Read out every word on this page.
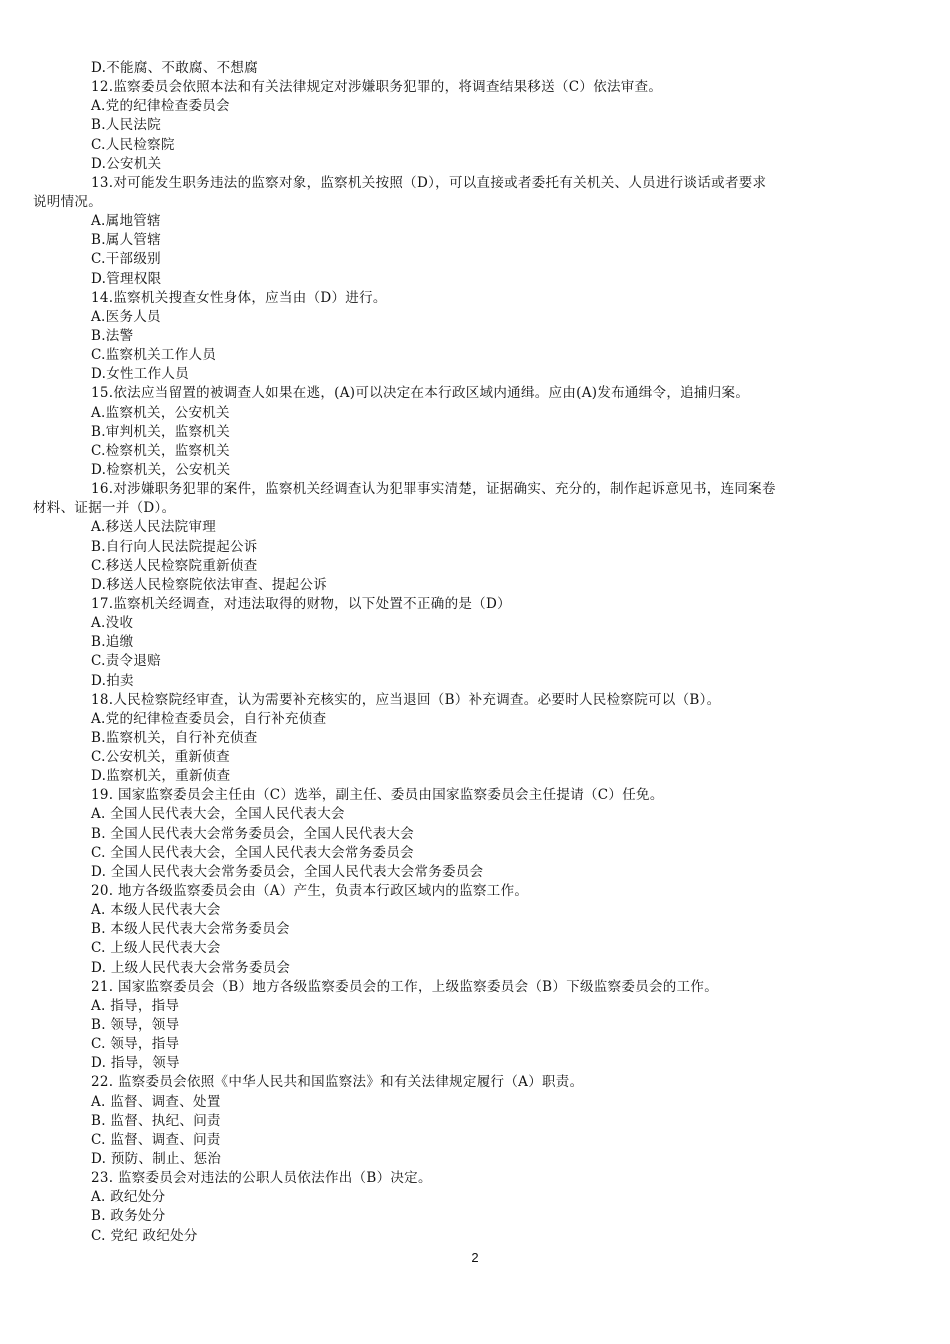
D.不能腐、不敢腐、不想腐
12.监察委员会依照本法和有关法律规定对涉嫌职务犯罪的，将调查结果移送（C）依法审查。
A.党的纪律检查委员会
B.人民法院
C.人民检察院
D.公安机关
13.对可能发生职务违法的监察对象，监察机关按照（D），可以直接或者委托有关机关、人员进行谈话或者要求
说明情况。
A.属地管辖
B.属人管辖
C.干部级别
D.管理权限
14.监察机关搜查女性身体，应当由（D）进行。
A.医务人员
B.法警
C.监察机关工作人员
D.女性工作人员
15.依法应当留置的被调查人如果在逃，(A)可以决定在本行政区域内通缉。应由(A)发布通缉令，追捕归案。
A.监察机关，公安机关
B.审判机关，监察机关
C.检察机关，监察机关
D.检察机关，公安机关
16.对涉嫌职务犯罪的案件，监察机关经调查认为犯罪事实清楚，证据确实、充分的，制作起诉意见书，连同案卷
材料、证据一并（D）。
A.移送人民法院审理
B.自行向人民法院提起公诉
C.移送人民检察院重新侦查
D.移送人民检察院依法审查、提起公诉
17.监察机关经调查，对违法取得的财物，以下处置不正确的是（D）
A.没收
B.追缴
C.责令退赔
D.拍卖
18.人民检察院经审查，认为需要补充核实的，应当退回（B）补充调查。必要时人民检察院可以（B）。
A.党的纪律检查委员会，自行补充侦查
B.监察机关，自行补充侦查
C.公安机关，重新侦查
D.监察机关，重新侦查
19. 国家监察委员会主任由（C）选举，副主任、委员由国家监察委员会主任提请（C）任免。
A. 全国人民代表大会，全国人民代表大会
B. 全国人民代表大会常务委员会，全国人民代表大会
C. 全国人民代表大会，全国人民代表大会常务委员会
D. 全国人民代表大会常务委员会，全国人民代表大会常务委员会
20. 地方各级监察委员会由（A）产生，负责本行政区域内的监察工作。
A. 本级人民代表大会
B. 本级人民代表大会常务委员会
C. 上级人民代表大会
D. 上级人民代表大会常务委员会
21. 国家监察委员会（B）地方各级监察委员会的工作，上级监察委员会（B）下级监察委员会的工作。
A. 指导，指导
B. 领导，领导
C. 领导，指导
D. 指导，领导
22. 监察委员会依照《中华人民共和国监察法》和有关法律规定履行（A）职责。
A. 监督、调查、处置
B. 监督、执纪、问责
C. 监督、调查、问责
D. 预防、制止、惩治
23. 监察委员会对违法的公职人员依法作出（B）决定。
A. 政纪处分
B. 政务处分
C. 党纪 政纪处分
2
